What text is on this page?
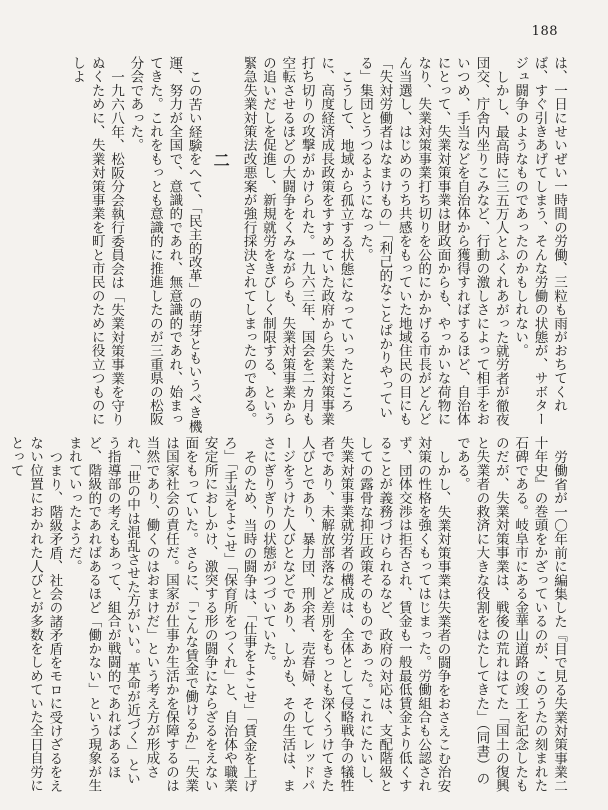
188

は、一日にせいぜい一時間の労働、三粒も雨がおちてくれば、すぐ引きあげてしまう、そんな労働の状態が、サボタージュ闘争のようなものであったのかもしれない。

しかし、最高時に三五万人とふくれあがった就労者が徹夜団交、庁舎内坐りこみなど、行動の激しさによって相手をおいつめ、手当などを自治体から獲得すればするほど、自治体にとって、失業対策事業は財政面からも、やっかいな荷物になり、失業対策事業打ち切りを公的にかかげる市長がどんどん当選し、はじめのうち共感をもっていた地域住民の目にも「失対労働者はなまけもの」「利己的なことばかりやっている」集団とうつるようになった。

こうして、地域から孤立する状態になっていったところに、高度経済成長政策をすすめていた政府から失業対策事業打ち切りの攻撃がかけられた。一九六三年、国会を二カ月も空転させるほどの大闘争をくみながらも、失業対策事業からの追いだしを促進し、新規就労をきびしく制限する、という緊急失業対策法改悪案が強行採決されてしまったのである。

二

この苦い経験をへて、「民主的改革」の萌芽ともいうべき機運、努力が全国で、意識的であれ、無意識的であれ、始まってきた。これをもっとも意識的に推進したのが三重県の松阪分会であった。

一九六八年、松阪分会執行委員会は「失業対策事業を守りぬくために、失業対策事業を町と市民のために役立つものにしよ

労働省が一〇年前に編集した『目で見る失業対策事業二十年史』の巻頭をかざっているのが、このうたの刻まれた石碑である。岐阜市にある金華山道路の竣工を記念したものだが、失業対策事業は、戦後の荒れはてた「国土の復興と失業者の救済に大きな役割をはたしてきた」（同書）のである。

しかし、失業対策事業は失業者の闘争をおさえこむ治安対策の性格を強くもってはじまった。労働組合も公認されず、団体交渉は拒否され、賃金も一般最低賃金より低くすることが義務づけられるなど、政府の対応は、支配階級としての露骨な抑圧政策そのものであった。これにたいし、失業対策事業就労者の構成は、全体として侵略戦争の犠牲者であり、未解放部落など差別をもっとも深くうけてきた人びとであり、暴力団、刑余者、売春婦、そしてレッドパージをうけた人びとなどであり、しかも、その生活は、まさにぎりぎりの状態がつづいていた。

そのため、当時の闘争は、「仕事をよこせ」「賃金を上げろ」「手当をよこせ」「保育所をつくれ」と、自治体や職業安定所におしかけ、激突する形の闘争にならざるをえない面をもっていた。さらに、「こんな賃金で働けるか」「失業は国家社会の責任だ。国家が仕事か生活かを保障するのは当然であり、働くのはおまけだ」という考え方が形成され、「世の中は混乱させた方がいい。革命が近づく」という指導部の考えもあって、組合が戦闘的であればあるほど、階級的であればあるほど「働かない」という現象が生まれていったようだ。

つまり、階級矛盾、社会の諸矛盾をモロに受けざるをえない位置におかれた人びとが多数をしめていた全日自労にとって
